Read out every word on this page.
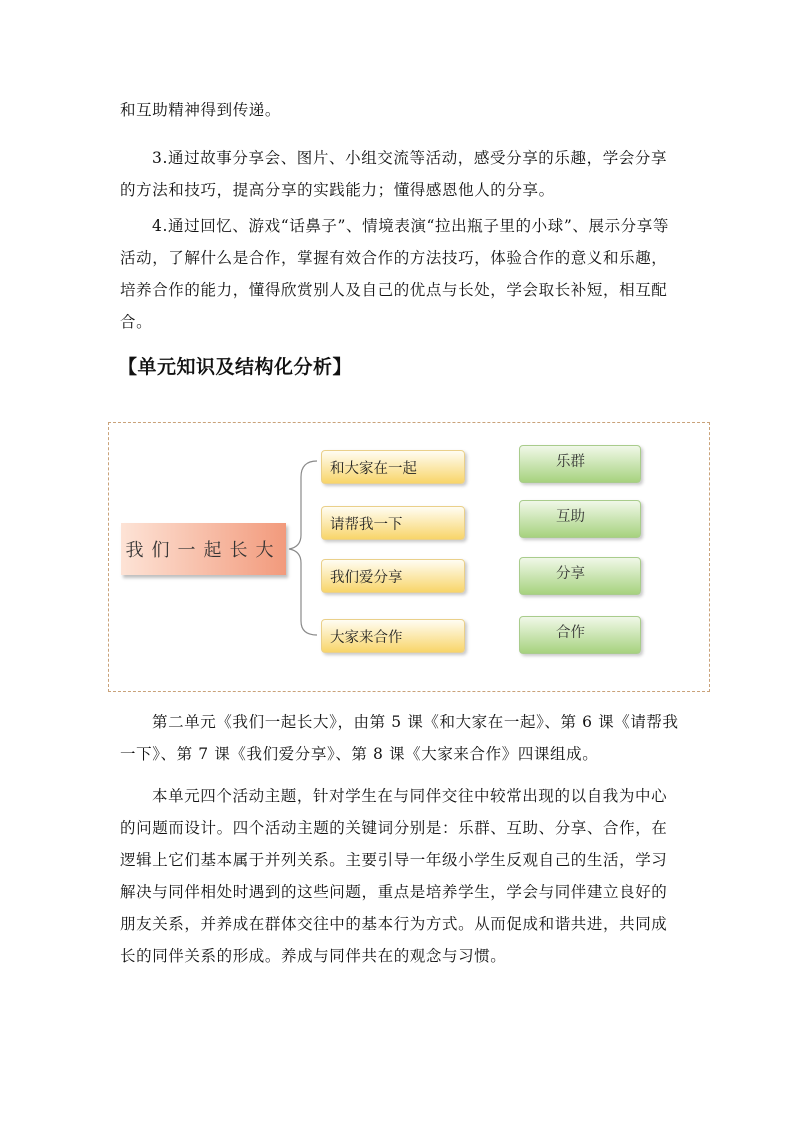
和互助精神得到传递。

3.通过故事分享会、图片、小组交流等活动，感受分享的乐趣，学会分享的方法和技巧，提高分享的实践能力；懂得感恩他人的分享。

4.通过回忆、游戏“话鼻子”、情境表演“拉出瓶子里的小球”、展示分享等活动，了解什么是合作，掌握有效合作的方法技巧，体验合作的意义和乐趣，培养合作的能力，懂得欣赏别人及自己的优点与长处，学会取长补短，相互配合。

【单元知识及结构化分析】
我们一起长大
和大家在一起
请帮我一下
我们爱分享
大家来合作
乐群
互助
分享
合作

第二单元《我们一起长大》，由第 5 课《和大家在一起》、第 6 课《请帮我一下》、第 7 课《我们爱分享》、第 8 课《大家来合作》四课组成。

本单元四个活动主题，针对学生在与同伴交往中较常出现的以自我为中心的问题而设计。四个活动主题的关键词分别是：乐群、互助、分享、合作，在逻辑上它们基本属于并列关系。主要引导一年级小学生反观自己的生活，学习解决与同伴相处时遇到的这些问题，重点是培养学生，学会与同伴建立良好的朋友关系，并养成在群体交往中的基本行为方式。从而促成和谐共进，共同成长的同伴关系的形成。养成与同伴共在的观念与习惯。
